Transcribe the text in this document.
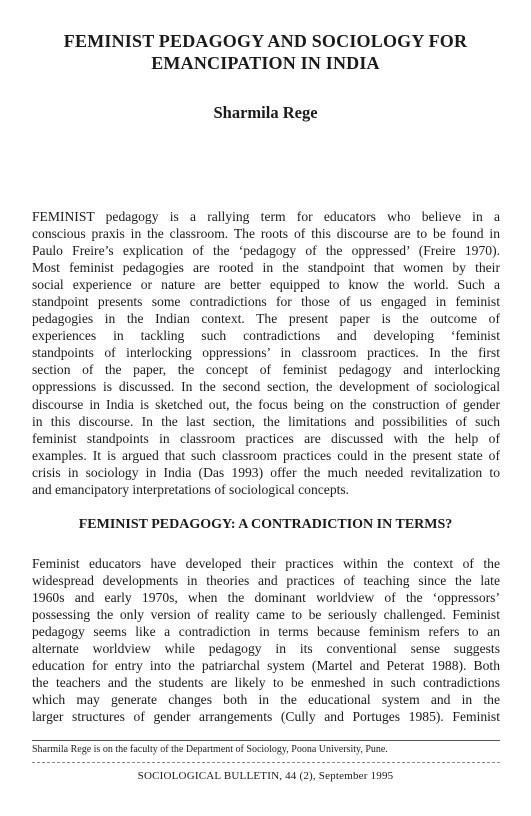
FEMINIST PEDAGOGY AND SOCIOLOGY FOR
EMANCIPATION IN INDIA
Sharmila Rege
FEMINIST pedagogy is a rallying term for educators who believe in a
conscious praxis in the classroom. The roots of this discourse are to be found in
Paulo Freire’s explication of the ‘pedagogy of the oppressed’ (Freire 1970).
Most feminist pedagogies are rooted in the standpoint that women by their
social experience or nature are better equipped to know the world. Such a
standpoint presents some contradictions for those of us engaged in feminist
pedagogies in the Indian context. The present paper is the outcome of
experiences in tackling such contradictions and developing ‘feminist
standpoints of interlocking oppressions’ in classroom practices. In the first
section of the paper, the concept of feminist pedagogy and interlocking
oppressions is discussed. In the second section, the development of sociological
discourse in India is sketched out, the focus being on the construction of gender
in this discourse. In the last section, the limitations and possibilities of such
feminist standpoints in classroom practices are discussed with the help of
examples. It is argued that such classroom practices could in the present state of
crisis in sociology in India (Das 1993) offer the much needed revitalization to
and emancipatory interpretations of sociological concepts.
FEMINIST PEDAGOGY: A CONTRADICTION IN TERMS?
Feminist educators have developed their practices within the context of the
widespread developments in theories and practices of teaching since the late
1960s and early 1970s, when the dominant worldview of the ‘oppressors’
possessing the only version of reality came to be seriously challenged. Feminist
pedagogy seems like a contradiction in terms because feminism refers to an
alternate worldview while pedagogy in its conventional sense suggests
education for entry into the patriarchal system (Martel and Peterat 1988). Both
the teachers and the students are likely to be enmeshed in such contradictions
which may generate changes both in the educational system and in the
larger structures of gender arrangements (Cully and Portuges 1985). Feminist
Sharmila Rege is on the faculty of the Department of Sociology, Poona University, Pune.
SOCIOLOGICAL BULLETIN, 44 (2), September 1995
